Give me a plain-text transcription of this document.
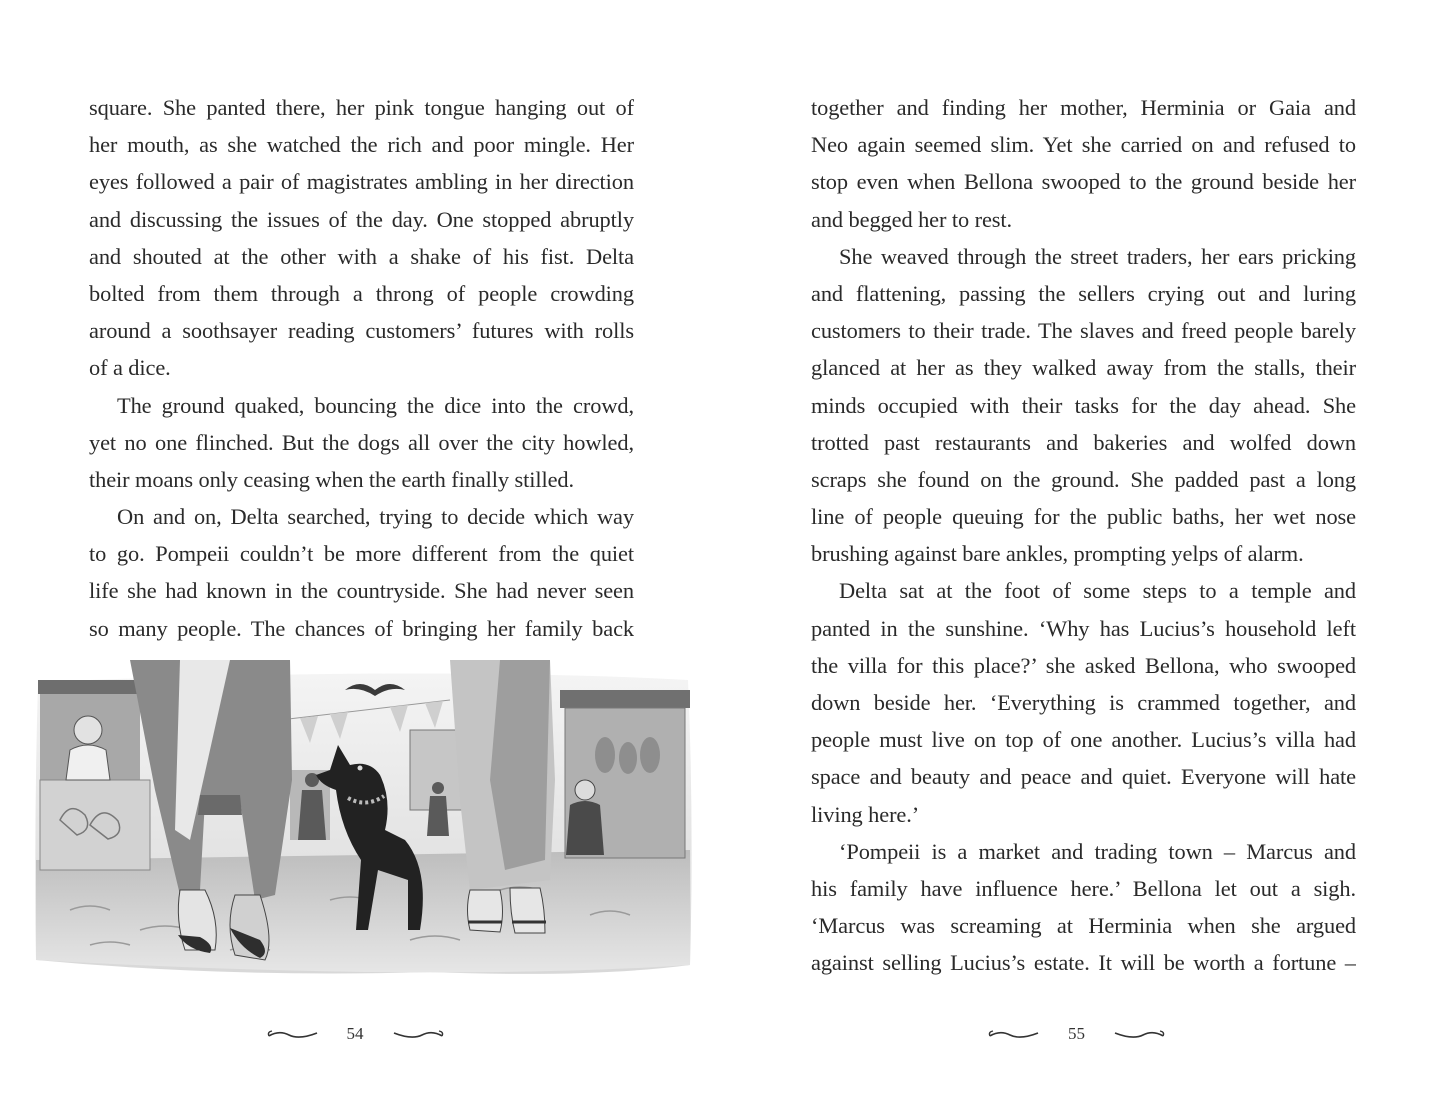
square. She panted there, her pink tongue hanging out of
her mouth, as she watched the rich and poor mingle. Her
eyes followed a pair of magistrates ambling in her direction
and discussing the issues of the day. One stopped abruptly
and shouted at the other with a shake of his fist. Delta
bolted from them through a throng of people crowding
around a soothsayer reading customers’ futures with rolls
of a dice.
The ground quaked, bouncing the dice into the crowd,
yet no one flinched. But the dogs all over the city howled,
their moans only ceasing when the earth finally stilled.
On and on, Delta searched, trying to decide which way
to go. Pompeii couldn’t be more different from the quiet
life she had known in the countryside. She had never seen
so many people. The chances of bringing her family back
54
together and finding her mother, Herminia or Gaia and
Neo again seemed slim. Yet she carried on and refused to
stop even when Bellona swooped to the ground beside her
and begged her to rest.
She weaved through the street traders, her ears pricking
and flattening, passing the sellers crying out and luring
customers to their trade. The slaves and freed people barely
glanced at her as they walked away from the stalls, their
minds occupied with their tasks for the day ahead. She
trotted past restaurants and bakeries and wolfed down
scraps she found on the ground. She padded past a long
line of people queuing for the public baths, her wet nose
brushing against bare ankles, prompting yelps of alarm.
Delta sat at the foot of some steps to a temple and
panted in the sunshine. ‘Why has Lucius’s household left
the villa for this place?’ she asked Bellona, who swooped
down beside her. ‘Everything is crammed together, and
people must live on top of one another. Lucius’s villa had
space and beauty and peace and quiet. Everyone will hate
living here.’
‘Pompeii is a market and trading town – Marcus and
his family have influence here.’ Bellona let out a sigh.
‘Marcus was screaming at Herminia when she argued
against selling Lucius’s estate. It will be worth a fortune –
55
